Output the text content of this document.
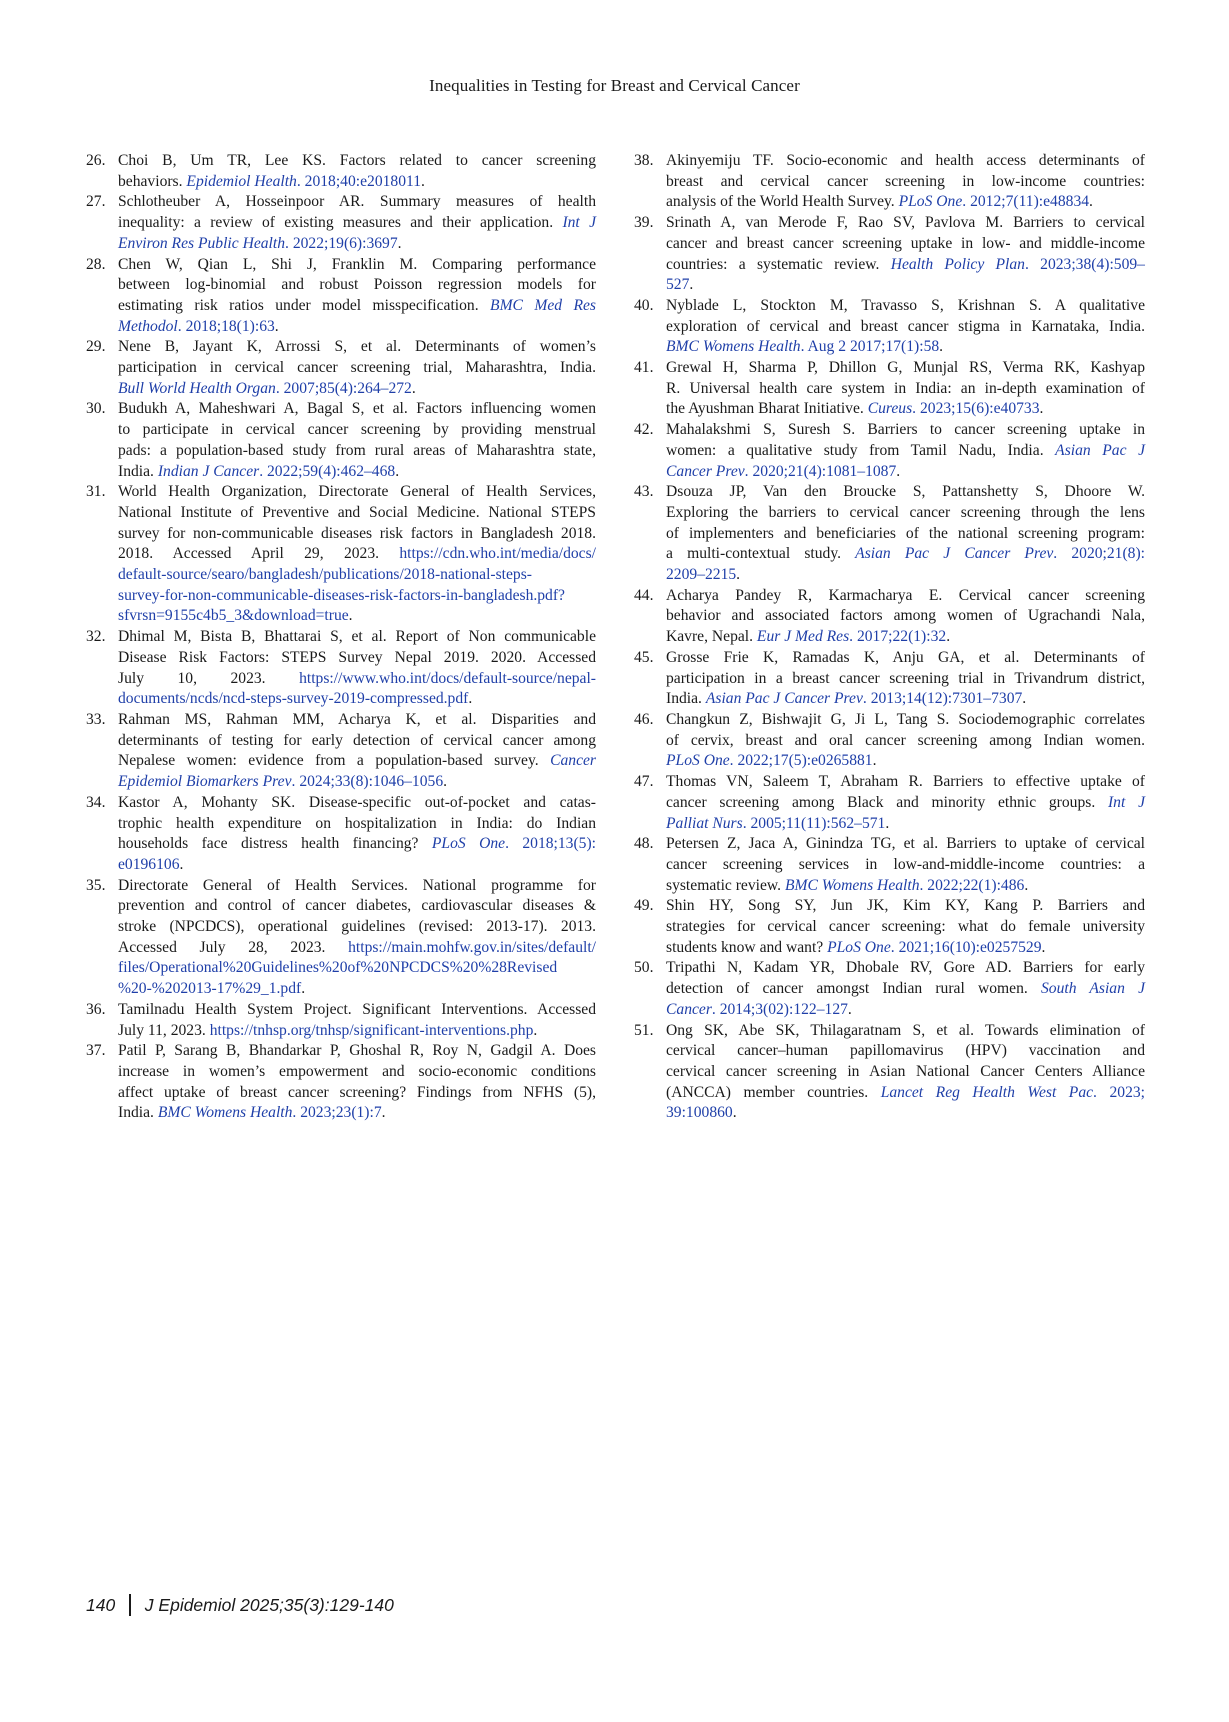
Inequalities in Testing for Breast and Cervical Cancer
26. Choi B, Um TR, Lee KS. Factors related to cancer screening
behaviors. Epidemiol Health. 2018;40:e2018011.
27. Schlotheuber A, Hosseinpoor AR. Summary measures of health
inequality: a review of existing measures and their application. Int J
Environ Res Public Health. 2022;19(6):3697.
28. Chen W, Qian L, Shi J, Franklin M. Comparing performance
between log-binomial and robust Poisson regression models for
estimating risk ratios under model misspecification. BMC Med Res
Methodol. 2018;18(1):63.
29. Nene B, Jayant K, Arrossi S, et al. Determinants of women’s
participation in cervical cancer screening trial, Maharashtra, India.
Bull World Health Organ. 2007;85(4):264–272.
30. Budukh A, Maheshwari A, Bagal S, et al. Factors influencing women
to participate in cervical cancer screening by providing menstrual
pads: a population-based study from rural areas of Maharashtra state,
India. Indian J Cancer. 2022;59(4):462–468.
31. World Health Organization, Directorate General of Health Services,
National Institute of Preventive and Social Medicine. National STEPS
survey for non-communicable diseases risk factors in Bangladesh 2018.
2018. Accessed April 29, 2023. https://cdn.who.int/media/docs/
default-source/searo/bangladesh/publications/2018-national-steps-
survey-for-non-communicable-diseases-risk-factors-in-bangladesh.pdf?
sfvrsn=9155c4b5_3&download=true.
32. Dhimal M, Bista B, Bhattarai S, et al. Report of Non communicable
Disease Risk Factors: STEPS Survey Nepal 2019. 2020. Accessed
July 10, 2023. https://www.who.int/docs/default-source/nepal-
documents/ncds/ncd-steps-survey-2019-compressed.pdf.
33. Rahman MS, Rahman MM, Acharya K, et al. Disparities and
determinants of testing for early detection of cervical cancer among
Nepalese women: evidence from a population-based survey. Cancer
Epidemiol Biomarkers Prev. 2024;33(8):1046–1056.
34. Kastor A, Mohanty SK. Disease-specific out-of-pocket and catas-
trophic health expenditure on hospitalization in India: do Indian
households face distress health financing? PLoS One. 2018;13(5):
e0196106.
35. Directorate General of Health Services. National programme for
prevention and control of cancer diabetes, cardiovascular diseases &
stroke (NPCDCS), operational guidelines (revised: 2013-17). 2013.
Accessed July 28, 2023. https://main.mohfw.gov.in/sites/default/
files/Operational%20Guidelines%20of%20NPCDCS%20%28Revised
%20-%202013-17%29_1.pdf.
36. Tamilnadu Health System Project. Significant Interventions. Accessed
July 11, 2023. https://tnhsp.org/tnhsp/significant-interventions.php.
37. Patil P, Sarang B, Bhandarkar P, Ghoshal R, Roy N, Gadgil A. Does
increase in women’s empowerment and socio-economic conditions
affect uptake of breast cancer screening? Findings from NFHS (5),
India. BMC Womens Health. 2023;23(1):7.
38. Akinyemiju TF. Socio-economic and health access determinants of
breast and cervical cancer screening in low-income countries:
analysis of the World Health Survey. PLoS One. 2012;7(11):e48834.
39. Srinath A, van Merode F, Rao SV, Pavlova M. Barriers to cervical
cancer and breast cancer screening uptake in low- and middle-income
countries: a systematic review. Health Policy Plan. 2023;38(4):509–
527.
40. Nyblade L, Stockton M, Travasso S, Krishnan S. A qualitative
exploration of cervical and breast cancer stigma in Karnataka, India.
BMC Womens Health. Aug 2 2017;17(1):58.
41. Grewal H, Sharma P, Dhillon G, Munjal RS, Verma RK, Kashyap
R. Universal health care system in India: an in-depth examination of
the Ayushman Bharat Initiative. Cureus. 2023;15(6):e40733.
42. Mahalakshmi S, Suresh S. Barriers to cancer screening uptake in
women: a qualitative study from Tamil Nadu, India. Asian Pac J
Cancer Prev. 2020;21(4):1081–1087.
43. Dsouza JP, Van den Broucke S, Pattanshetty S, Dhoore W.
Exploring the barriers to cervical cancer screening through the lens
of implementers and beneficiaries of the national screening program:
a multi-contextual study. Asian Pac J Cancer Prev. 2020;21(8):
2209–2215.
44. Acharya Pandey R, Karmacharya E. Cervical cancer screening
behavior and associated factors among women of Ugrachandi Nala,
Kavre, Nepal. Eur J Med Res. 2017;22(1):32.
45. Grosse Frie K, Ramadas K, Anju GA, et al. Determinants of
participation in a breast cancer screening trial in Trivandrum district,
India. Asian Pac J Cancer Prev. 2013;14(12):7301–7307.
46. Changkun Z, Bishwajit G, Ji L, Tang S. Sociodemographic correlates
of cervix, breast and oral cancer screening among Indian women.
PLoS One. 2022;17(5):e0265881.
47. Thomas VN, Saleem T, Abraham R. Barriers to effective uptake of
cancer screening among Black and minority ethnic groups. Int J
Palliat Nurs. 2005;11(11):562–571.
48. Petersen Z, Jaca A, Ginindza TG, et al. Barriers to uptake of cervical
cancer screening services in low-and-middle-income countries: a
systematic review. BMC Womens Health. 2022;22(1):486.
49. Shin HY, Song SY, Jun JK, Kim KY, Kang P. Barriers and
strategies for cervical cancer screening: what do female university
students know and want? PLoS One. 2021;16(10):e0257529.
50. Tripathi N, Kadam YR, Dhobale RV, Gore AD. Barriers for early
detection of cancer amongst Indian rural women. South Asian J
Cancer. 2014;3(02):122–127.
51. Ong SK, Abe SK, Thilagaratnam S, et al. Towards elimination of
cervical cancer–human papillomavirus (HPV) vaccination and
cervical cancer screening in Asian National Cancer Centers Alliance
(ANCCA) member countries. Lancet Reg Health West Pac. 2023;
39:100860.
140 J Epidemiol 2025;35(3):129-140
